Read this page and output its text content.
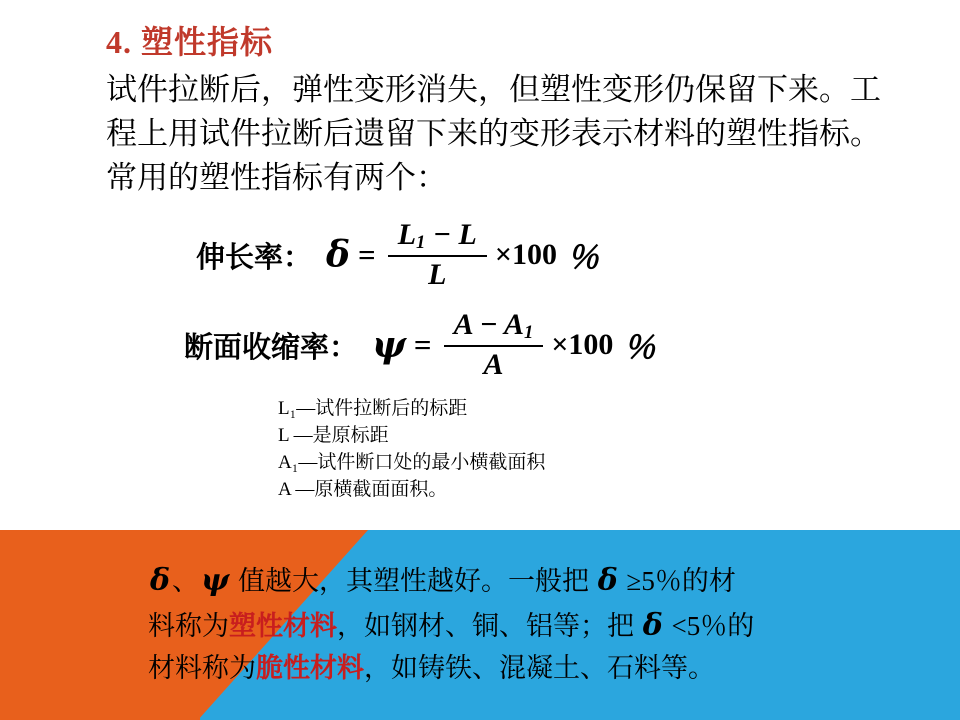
4. 塑性指标

试件拉断后，弹性变形消失，但塑性变形仍保留下来。工程上用试件拉断后遗留下来的变形表示材料的塑性指标。常用的塑性指标有两个：

伸长率： $\delta = \frac{L_1 - L}{L} \times 100$ ％
断面收缩率： $\psi = \frac{A - A_1}{A} \times 100$ ％
L₁—试件拉断后的标距
L —是原标距
A₁—试件断口处的最小横截面积
A —原横截面面积。
δ、ψ 值越大，其塑性越好。一般把 δ ≥5％的材
料称为塑性材料，如钢材、铜、铝等；把 δ <5％的
材料称为脆性材料，如铸铁、混凝土、石料等。
